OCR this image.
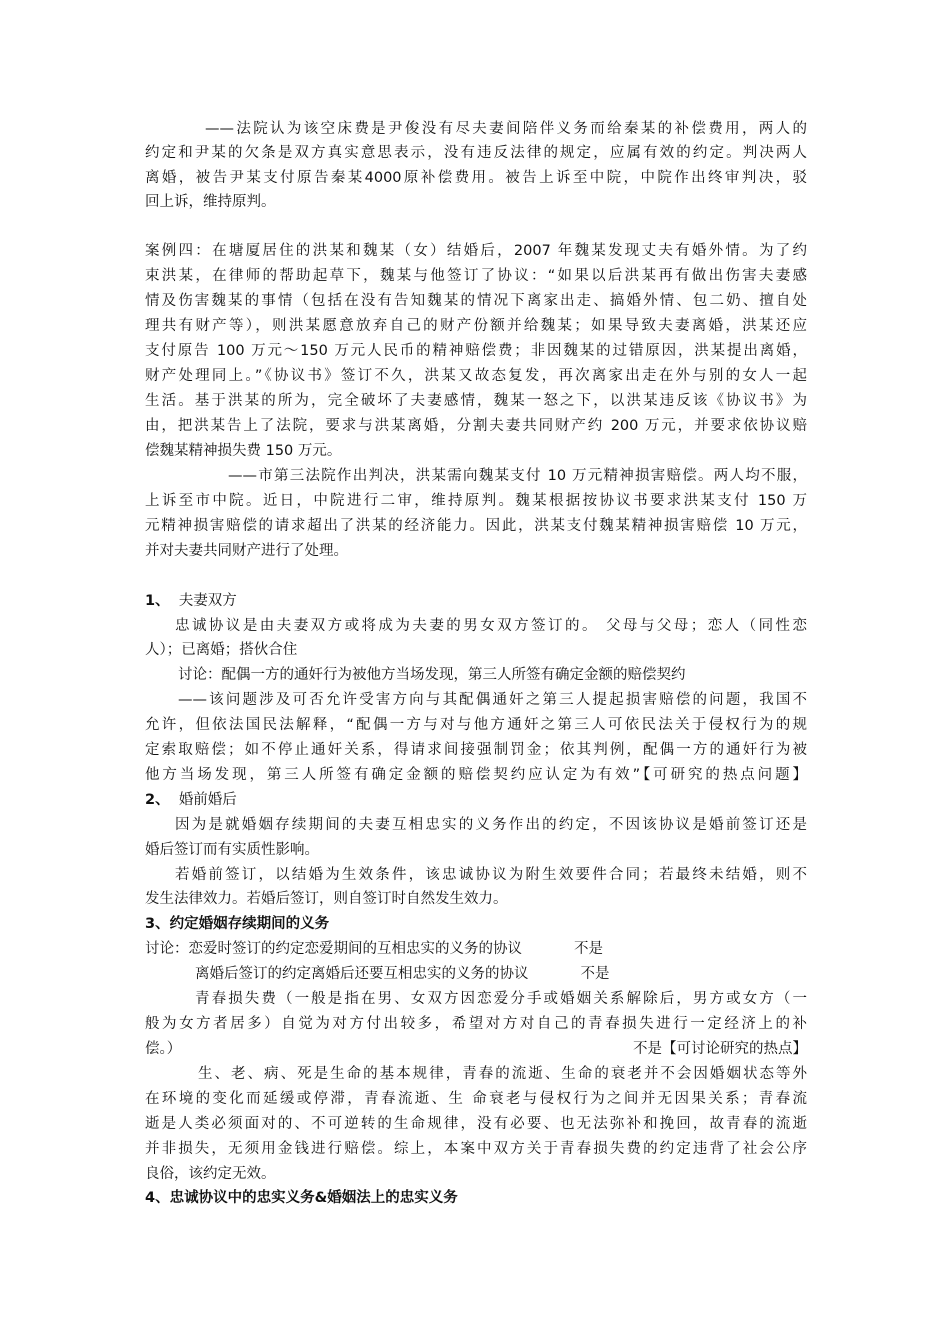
——法院认为该空床费是尹俊没有尽夫妻间陪伴义务而给秦某的补偿费用，两人的
约定和尹某的欠条是双方真实意思表示，没有违反法律的规定，应属有效的约定。判决两人
离婚，被告尹某支付原告秦某4000原补偿费用。被告上诉至中院，中院作出终审判决，驳
回上诉，维持原判。
案例四：在塘厦居住的洪某和魏某（女）结婚后，2007 年魏某发现丈夫有婚外情。为了约
束洪某，在律师的帮助起草下，魏某与他签订了协议：“如果以后洪某再有做出伤害夫妻感
情及伤害魏某的事情（包括在没有告知魏某的情况下离家出走、搞婚外情、包二奶、擅自处
理共有财产等），则洪某愿意放弃自己的财产份额并给魏某；如果导致夫妻离婚，洪某还应
支付原告 100 万元～150 万元人民币的精神赔偿费；非因魏某的过错原因，洪某提出离婚，
财产处理同上。”《协议书》签订不久，洪某又故态复发，再次离家出走在外与别的女人一起
生活。基于洪某的所为，完全破坏了夫妻感情，魏某一怒之下，以洪某违反该《协议书》为
由，把洪某告上了法院，要求与洪某离婚，分割夫妻共同财产约 200 万元，并要求依协议赔
偿魏某精神损失费 150 万元。
——市第三法院作出判决，洪某需向魏某支付 10 万元精神损害赔偿。两人均不服，
上诉至市中院。近日，中院进行二审，维持原判。魏某根据按协议书要求洪某支付 150 万
元精神损害赔偿的请求超出了洪某的经济能力。因此，洪某支付魏某精神损害赔偿 10 万元，
并对夫妻共同财产进行了处理。
1、 夫妻双方
忠诚协议是由夫妻双方或将成为夫妻的男女双方签订的。 父母与父母；恋人（同性恋
人）；已离婚；搭伙合住
讨论：配偶一方的通奸行为被他方当场发现，第三人所签有确定金额的赔偿契约
——该问题涉及可否允许受害方向与其配偶通奸之第三人提起损害赔偿的问题，我国不
允许，但依法国民法解释，“配偶一方与对与他方通奸之第三人可依民法关于侵权行为的规
定索取赔偿；如不停止通奸关系，得请求间接强制罚金；依其判例，配偶一方的通奸行为被
他方当场发现，第三人所签有确定金额的赔偿契约应认定为有效”【可研究的热点问题】
2、 婚前婚后
因为是就婚姻存续期间的夫妻互相忠实的义务作出的约定，不因该协议是婚前签订还是
婚后签订而有实质性影响。
若婚前签订，以结婚为生效条件，该忠诚协议为附生效要件合同；若最终未结婚，则不
发生法律效力。若婚后签订，则自签订时自然发生效力。
3、约定婚姻存续期间的义务
讨论：恋爱时签订的约定恋爱期间的互相忠实的义务的协议	不是
离婚后签订的约定离婚后还要互相忠实的义务的协议	不是
青春损失费（一般是指在男、女双方因恋爱分手或婚姻关系解除后，男方或女方（一
般为女方者居多）自觉为对方付出较多，希望对方对自己的青春损失进行一定经济上的补
偿。）	不是【可讨论研究的热点】
生、老、病、死是生命的基本规律，青春的流逝、生命的衰老并不会因婚姻状态等外
在环境的变化而延缓或停滞，青春流逝、生 命衰老与侵权行为之间并无因果关系；青春流
逝是人类必须面对的、不可逆转的生命规律，没有必要、也无法弥补和挽回，故青春的流逝
并非损失，无须用金钱进行赔偿。综上，本案中双方关于青春损失费的约定违背了社会公序
良俗，该约定无效。
4、忠诚协议中的忠实义务&婚姻法上的忠实义务
